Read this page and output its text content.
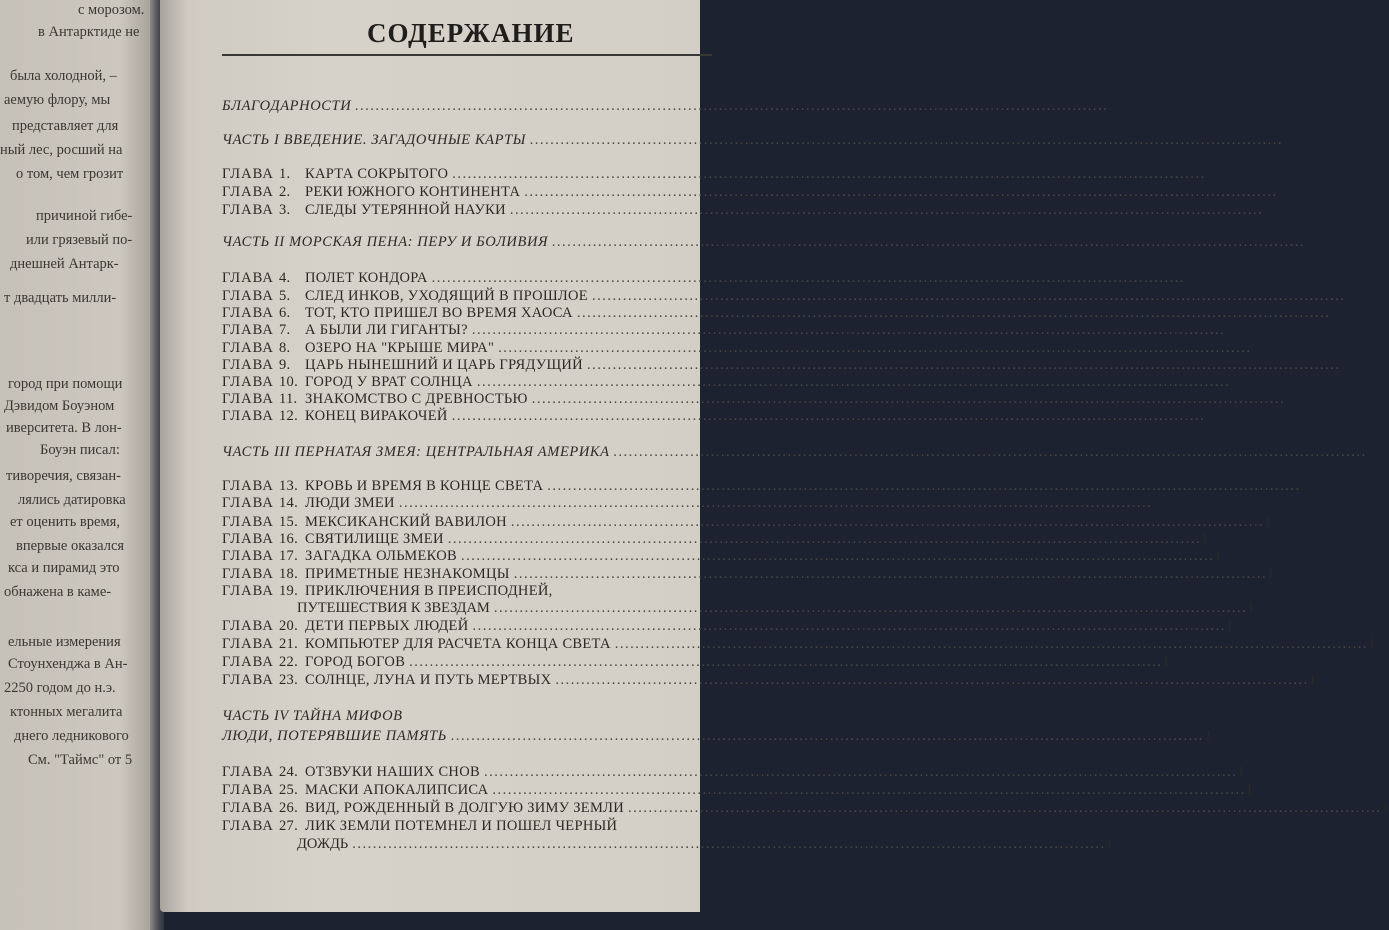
с морозом.
в Антарктиде не
была холодной, –
аемую флору, мы
представляет для
ный лес, росший на
о том, чем грозит
причиной гибе-
или грязевый по-
днешней Антарк-
т двадцать милли-
город при помощи
Дэвидом Боуэном
иверситета. В лон-
Боуэн писал:
тиворечия, связан-
лялись датировка
ет оценить время,
впервые оказался
кса и пирамид это
обнажена в каме-
ельные измерения
Стоунхенджа в Ан-
2250 годом до н.э.
ктонных мегалита
днего ледникового
См. "Таймс" от 5
СОДЕРЖАНИЕ
БЛАГОДАРНОСТИ ...................................................................................................................................................
ЧАСТЬ I ВВЕДЕНИЕ. ЗАГАДОЧНЫЕ КАРТЫ ...................................................................................................................................................
ГЛАВА 1. КАРТА СОКРЫТОГО ...................................................................................................................................................
ГЛАВА 2. РЕКИ ЮЖНОГО КОНТИНЕНТА ...................................................................................................................................................
ГЛАВА 3. СЛЕДЫ УТЕРЯННОЙ НАУКИ ...................................................................................................................................................
ЧАСТЬ II МОРСКАЯ ПЕНА: ПЕРУ И БОЛИВИЯ ...................................................................................................................................................
ГЛАВА 4. ПОЛЕТ КОНДОРА ...................................................................................................................................................
ГЛАВА 5. СЛЕД ИНКОВ, УХОДЯЩИЙ В ПРОШЛОЕ ...................................................................................................................................................
ГЛАВА 6. ТОТ, КТО ПРИШЕЛ ВО ВРЕМЯ ХАОСА ...................................................................................................................................................
ГЛАВА 7. А БЫЛИ ЛИ ГИГАНТЫ? ...................................................................................................................................................
ГЛАВА 8. ОЗЕРО НА "КРЫШЕ МИРА" ...................................................................................................................................................
ГЛАВА 9. ЦАРЬ НЫНЕШНИЙ И ЦАРЬ ГРЯДУЩИЙ ...................................................................................................................................................
ГЛАВА 10. ГОРОД У ВРАТ СОЛНЦА ...................................................................................................................................................
ГЛАВА 11. ЗНАКОМСТВО С ДРЕВНОСТЬЮ ...................................................................................................................................................
ГЛАВА 12. КОНЕЦ ВИРАКОЧЕЙ ...................................................................................................................................................
ЧАСТЬ III ПЕРНАТАЯ ЗМЕЯ: ЦЕНТРАЛЬНАЯ АМЕРИКА ...................................................................................................................................................
ГЛАВА 13. КРОВЬ И ВРЕМЯ В КОНЦЕ СВЕТА ...................................................................................................................................................
ГЛАВА 14. ЛЮДИ ЗМЕИ ...................................................................................................................................................
ГЛАВА 15. МЕКСИКАНСКИЙ ВАВИЛОН ................................................................................................................................................... 1
ГЛАВА 16. СВЯТИЛИЩЕ ЗМЕИ ................................................................................................................................................... 1
ГЛАВА 17. ЗАГАДКА ОЛЬМЕКОВ ................................................................................................................................................... 1
ГЛАВА 18. ПРИМЕТНЫЕ НЕЗНАКОМЦЫ ................................................................................................................................................... 1
ГЛАВА 19. ПРИКЛЮЧЕНИЯ В ПРЕИСПОДНЕЙ,
ПУТЕШЕСТВИЯ К ЗВЕЗДАМ ................................................................................................................................................... 1
ГЛАВА 20. ДЕТИ ПЕРВЫХ ЛЮДЕЙ ................................................................................................................................................... 1
ГЛАВА 21. КОМПЬЮТЕР ДЛЯ РАСЧЕТА КОНЦА СВЕТА ................................................................................................................................................... 1
ГЛАВА 22. ГОРОД БОГОВ ................................................................................................................................................... 1
ГЛАВА 23. СОЛНЦЕ, ЛУНА И ПУТЬ МЕРТВЫХ ................................................................................................................................................... 1
ЧАСТЬ IV ТАЙНА МИФОВ
ЛЮДИ, ПОТЕРЯВШИЕ ПАМЯТЬ ................................................................................................................................................... 1
ГЛАВА 24. ОТЗВУКИ НАШИХ СНОВ ................................................................................................................................................... 1
ГЛАВА 25. МАСКИ АПОКАЛИПСИСА ................................................................................................................................................... 1
ГЛАВА 26. ВИД, РОЖДЕННЫЙ В ДОЛГУЮ ЗИМУ ЗЕМЛИ ................................................................................................................................................... 1
ГЛАВА 27. ЛИК ЗЕМЛИ ПОТЕМНЕЛ И ПОШЕЛ ЧЕРНЫЙ
ДОЖДЬ ................................................................................................................................................... 1
